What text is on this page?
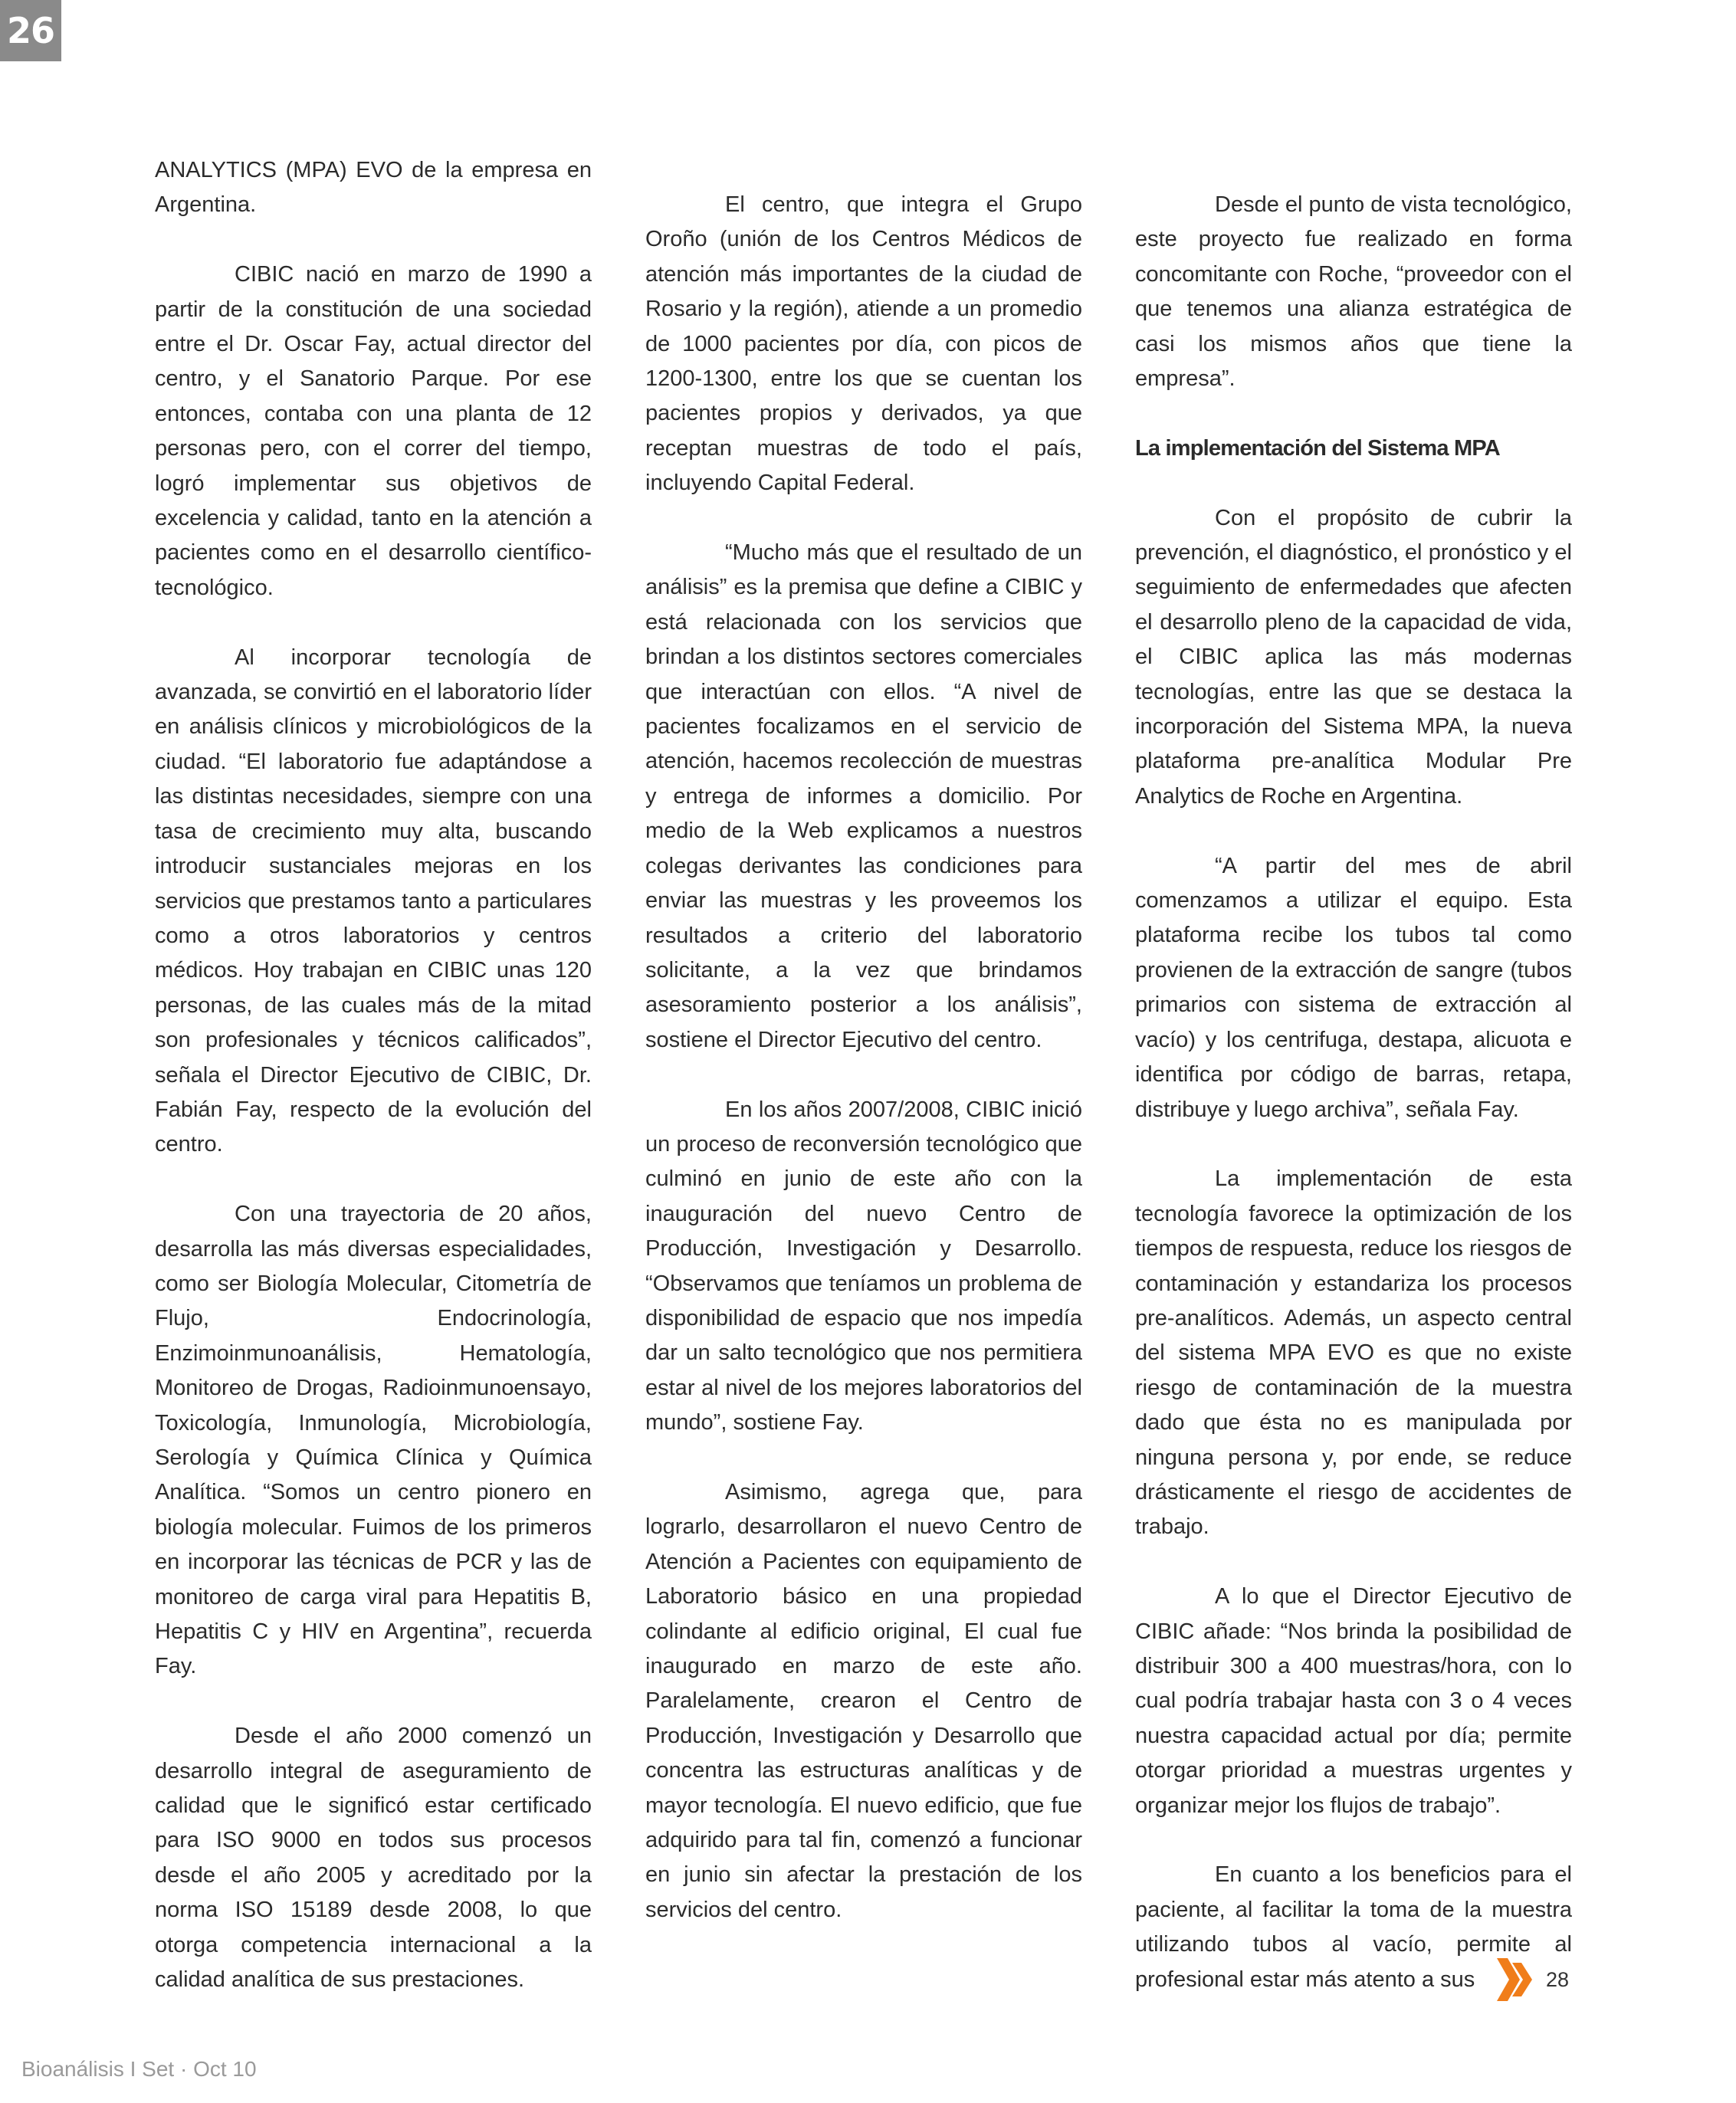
26

ANALYTICS (MPA) EVO de la empresa en Argentina.

CIBIC nació en marzo de 1990 a partir de la constitución de una sociedad entre el Dr. Oscar Fay, actual director del centro, y el Sanatorio Parque. Por ese entonces, contaba con una planta de 12 personas pero, con el correr del tiempo, logró implementar sus objetivos de excelencia y calidad, tanto en la atención a pacientes como en el desarrollo científico-tecnológico.

Al incorporar tecnología de avanzada, se convirtió en el laboratorio líder en análisis clínicos y microbiológicos de la ciudad. “El laboratorio fue adaptándose a las distintas necesidades, siempre con una tasa de crecimiento muy alta, buscando introducir sustanciales mejoras en los servicios que prestamos tanto a particulares como a otros laboratorios y centros médicos. Hoy trabajan en CIBIC unas 120 personas, de las cuales más de la mitad son profesionales y técnicos calificados”, señala el Director Ejecutivo de CIBIC, Dr. Fabián Fay, respecto de la evolución del centro.

Con una trayectoria de 20 años, desarrolla las más diversas especialidades, como ser Biología Molecular, Citometría de Flujo, Endocrinología, Enzimoinmunoanálisis, Hematología, Monitoreo de Drogas, Radioinmunoensayo, Toxicología, Inmunología, Microbiología, Serología y Química Clínica y Química Analítica. “Somos un centro pionero en biología molecular. Fuimos de los primeros en incorporar las técnicas de PCR y las de monitoreo de carga viral para Hepatitis B, Hepatitis C y HIV en Argentina”, recuerda Fay.

Desde el año 2000 comenzó un desarrollo integral de aseguramiento de calidad que le significó estar certificado para ISO 9000 en todos sus procesos desde el año 2005 y acreditado por la norma ISO 15189 desde 2008, lo que otorga competencia internacional a la calidad analítica de sus prestaciones.

El centro, que integra el Grupo Oroño (unión de los Centros Médicos de atención más importantes de la ciudad de Rosario y la región), atiende a un promedio de 1000 pacientes por día, con picos de 1200-1300, entre los que se cuentan los pacientes propios y derivados, ya que receptan muestras de todo el país, incluyendo Capital Federal.

“Mucho más que el resultado de un análisis” es la premisa que define a CIBIC y está relacionada con los servicios que brindan a los distintos sectores comerciales que interactúan con ellos. “A nivel de pacientes focalizamos en el servicio de atención, hacemos recolección de muestras y entrega de informes a domicilio. Por medio de la Web explicamos a nuestros colegas derivantes las condiciones para enviar las muestras y les proveemos los resultados a criterio del laboratorio solicitante, a la vez que brindamos asesoramiento posterior a los análisis”, sostiene el Director Ejecutivo del centro.

En los años 2007/2008, CIBIC inició un proceso de reconversión tecnológico que culminó en junio de este año con la inauguración del nuevo Centro de Producción, Investigación y Desarrollo. “Observamos que teníamos un problema de disponibilidad de espacio que nos impedía dar un salto tecnológico que nos permitiera estar al nivel de los mejores laboratorios del mundo”, sostiene Fay.

Asimismo, agrega que, para lograrlo, desarrollaron el nuevo Centro de Atención a Pacientes con equipamiento de Laboratorio básico en una propiedad colindante al edificio original, El cual fue inaugurado en marzo de este año. Paralelamente, crearon el Centro de Producción, Investigación y Desarrollo que concentra las estructuras analíticas y de mayor tecnología. El nuevo edificio, que fue adquirido para tal fin, comenzó a funcionar en junio sin afectar la prestación de los servicios del centro.

Desde el punto de vista tecnológico, este proyecto fue realizado en forma concomitante con Roche, “proveedor con el que tenemos una alianza estratégica de casi los mismos años que tiene la empresa”.

La implementación del Sistema MPA

Con el propósito de cubrir la prevención, el diagnóstico, el pronóstico y el seguimiento de enfermedades que afecten el desarrollo pleno de la capacidad de vida, el CIBIC aplica las más modernas tecnologías, entre las que se destaca la incorporación del Sistema MPA, la nueva plataforma pre-analítica Modular Pre Analytics de Roche en Argentina.

“A partir del mes de abril comenzamos a utilizar el equipo. Esta plataforma recibe los tubos tal como provienen de la extracción de sangre (tubos primarios con sistema de extracción al vacío) y los centrifuga, destapa, alicuota e identifica por código de barras, retapa, distribuye y luego archiva”, señala Fay.

La implementación de esta tecnología favorece la optimización de los tiempos de respuesta, reduce los riesgos de contaminación y estandariza los procesos pre-analíticos. Además, un aspecto central del sistema MPA EVO es que no existe riesgo de contaminación de la muestra dado que ésta no es manipulada por ninguna persona y, por ende, se reduce drásticamente el riesgo de accidentes de trabajo.

A lo que el Director Ejecutivo de CIBIC añade: “Nos brinda la posibilidad de distribuir 300 a 400 muestras/hora, con lo cual podría trabajar hasta con 3 o 4 veces nuestra capacidad actual por día; permite otorgar prioridad a muestras urgentes y organizar mejor los flujos de trabajo”.

En cuanto a los beneficios para el paciente, al facilitar la toma de la muestra utilizando tubos al vacío, permite al profesional estar más atento a sus	28
Bioanálisis I Set · Oct 10
